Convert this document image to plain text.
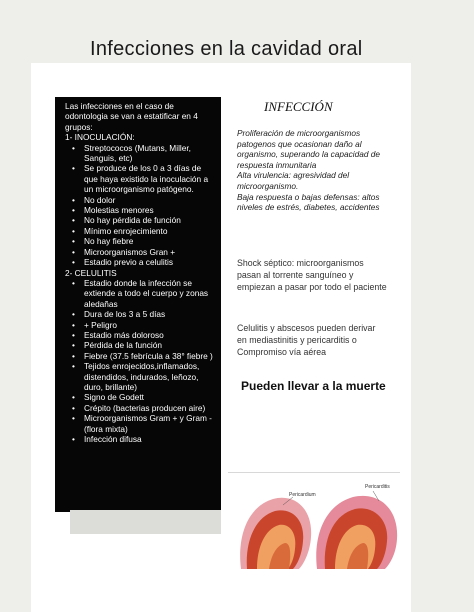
Infecciones en la cavidad oral

Las infecciones en el caso de odontologia se van a estatificar en 4 grupos:

1- INOCULACIÓN:

• Streptococos (Mutans, Miller, Sanguis, etc)
• Se produce de los 0 a 3 días de que haya existido la inoculación a un microorganismo patógeno.
• No dolor
• Molestias menores
• No hay pérdida de función
• Mínimo enrojecimiento
• No hay fiebre
• Microorganismos Gran +
• Estadio previo a celulitis

2- CELULITIS

• Estadio donde la infección se extiende a todo el cuerpo y zonas aledañas
• Dura de los 3 a 5 días
• + Peligro
• Estadio más doloroso
• Pérdida de la función
• Fiebre (37.5 febrícula a 38° fiebre )
• Tejidos enrojecidos,inflamados, distendidos, indurados, leñozo, duro, brillante)
• Signo de Godett
• Crépito (bacterias producen aire)
• Microorganismos Gram + y Gram - (flora mixta)
• Infección difusa
INFECCIÓN
Proliferación de microorganismos patogenos que ocasionan daño al organismo, superando la capacidad de respuesta inmunitaria
Alta virulencia: agresividad del microorganismo.
Baja respuesta o bajas defensas: altos niveles de estrés, diabetes, accidentes
Shock séptico: microorganismos pasan al torrente sanguíneo y empiezan a pasar por todo el paciente
Celulitis y abscesos pueden derivar en mediastinitis y pericarditis o Compromiso vía aérea
Pueden llevar a la muerte
Pericardium
Pericarditis
